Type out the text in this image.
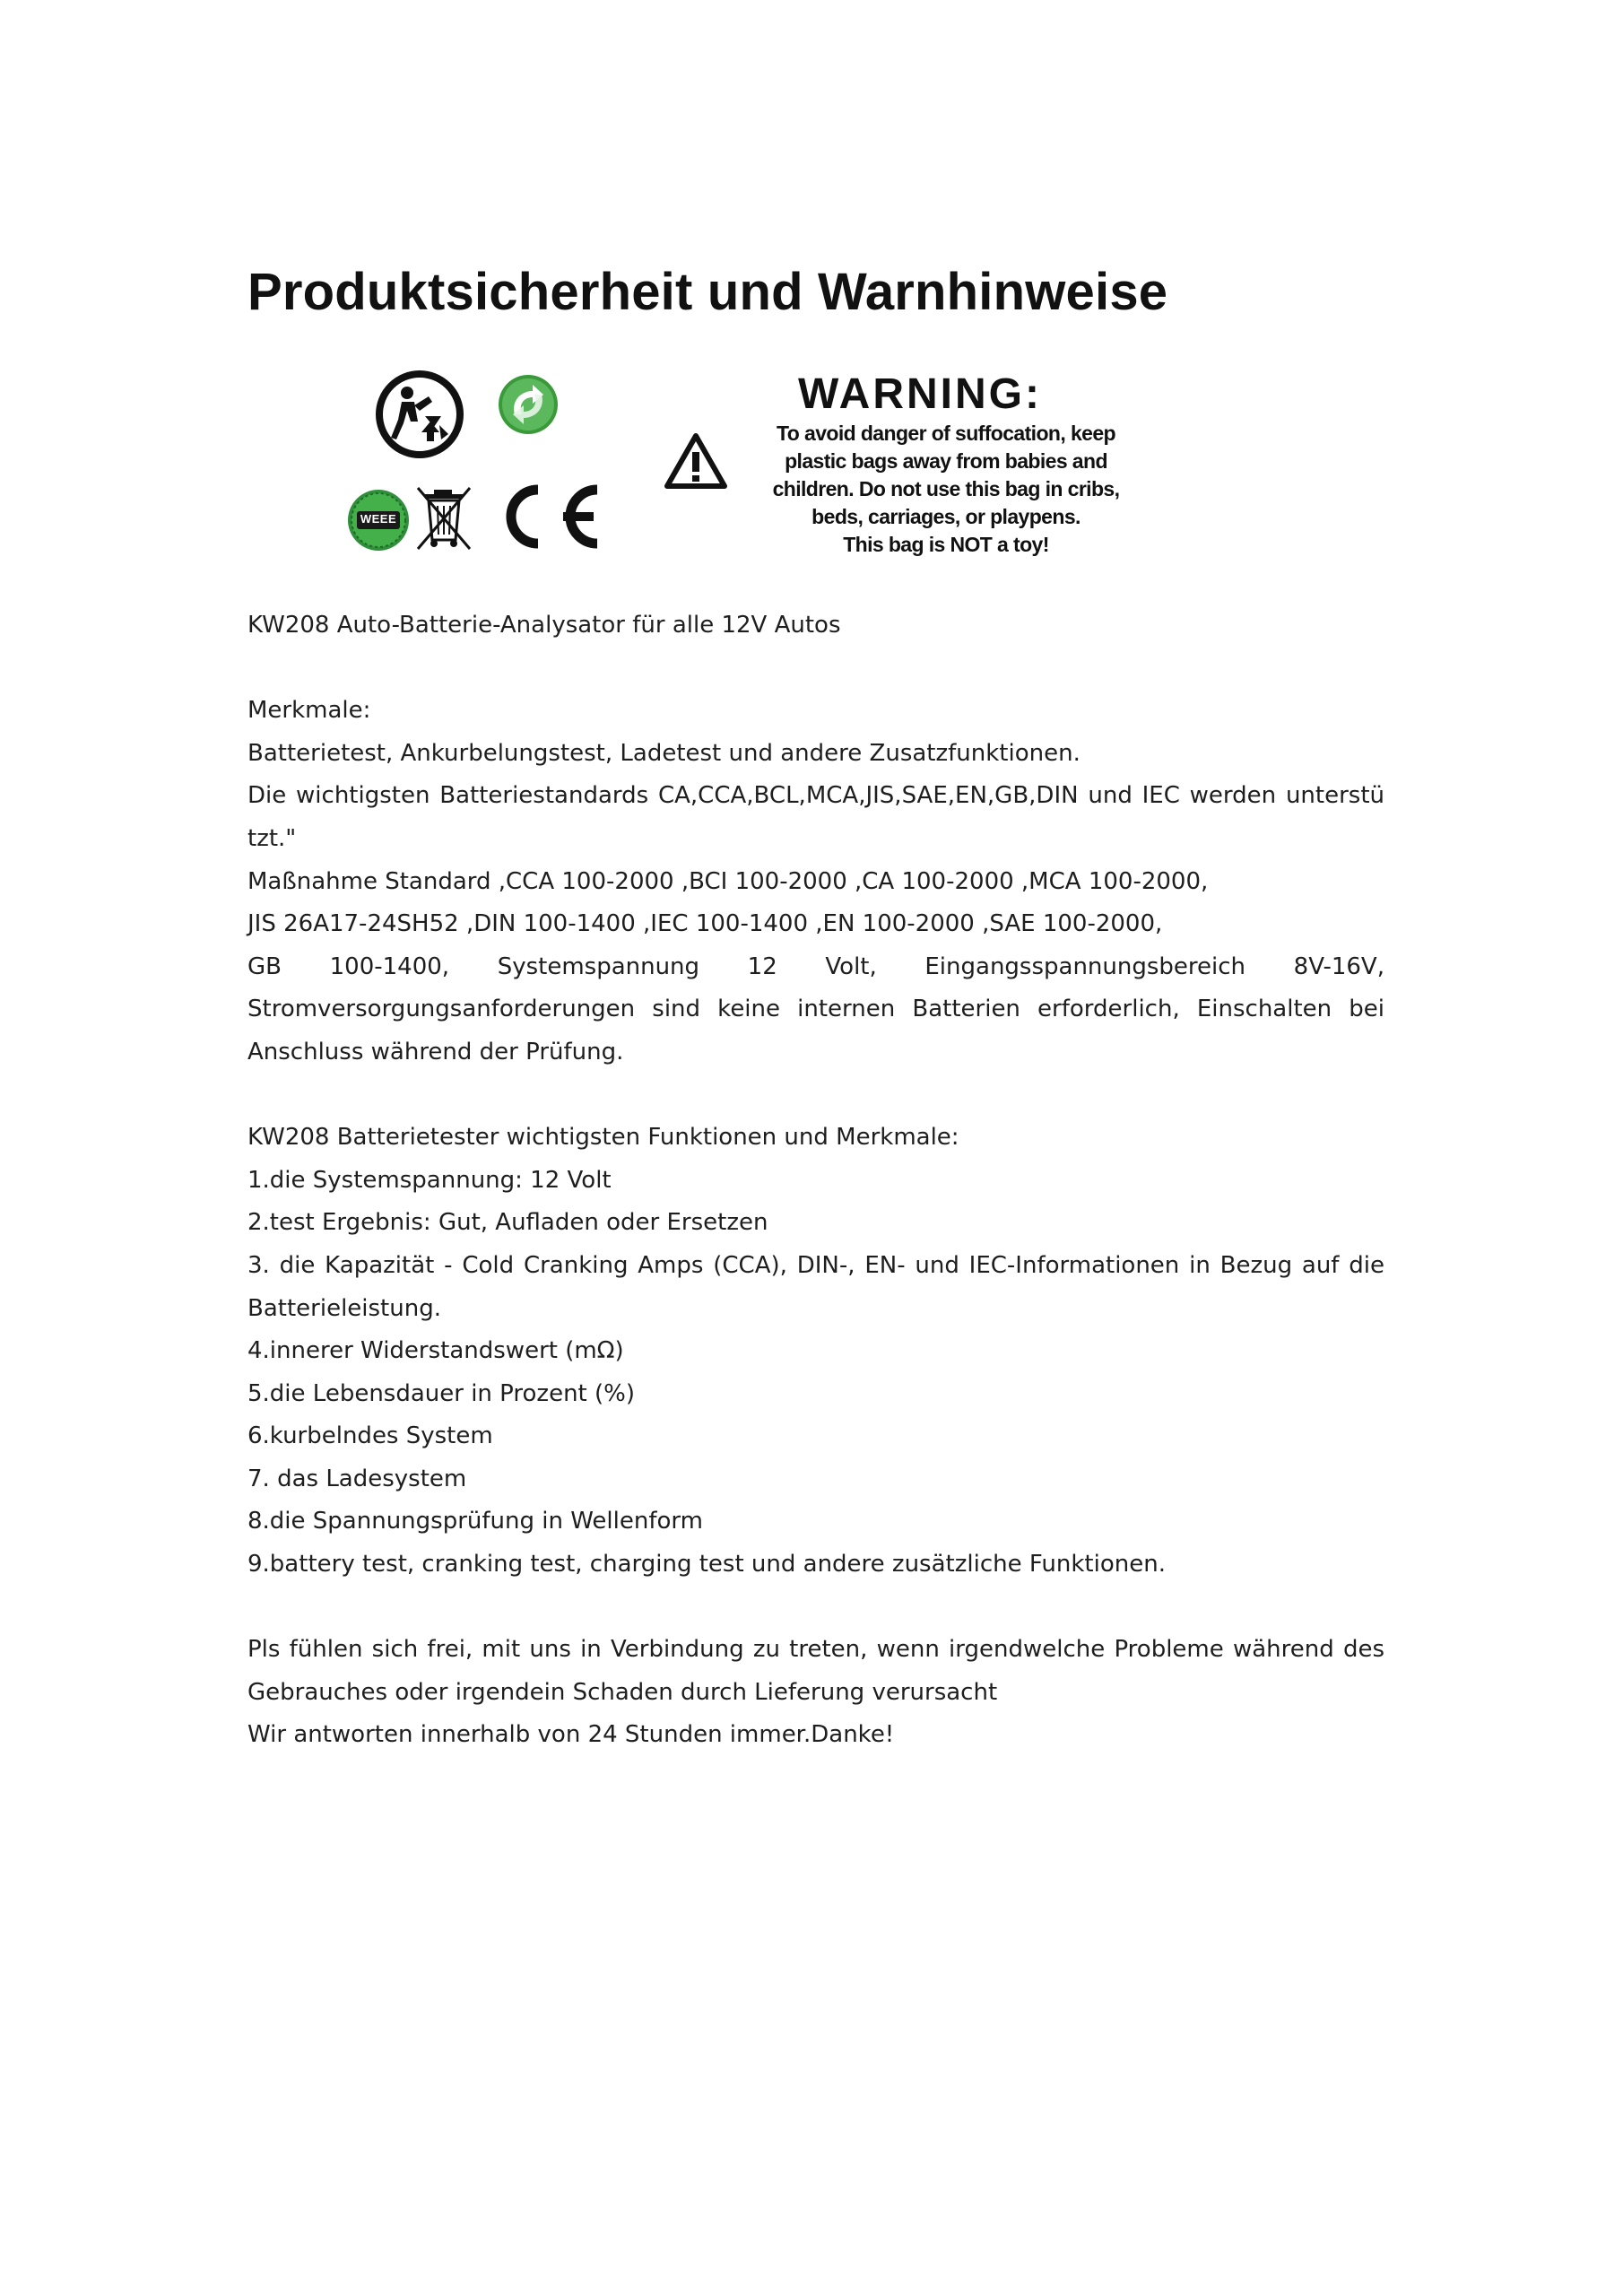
Produktsicherheit und Warnhinweise
WARNING:
To avoid danger of suffocation, keep
plastic bags away from babies and
children. Do not use this bag in cribs,
beds, carriages, or playpens.
This bag is NOT a toy!
KW208 Auto-Batterie-Analysator für alle 12V Autos
Merkmale:
Batterietest, Ankurbelungstest, Ladetest und andere Zusatzfunktionen.
Die wichtigsten Batteriestandards CA,CCA,BCL,MCA,JIS,SAE,EN,GB,DIN und IEC werden unterstü
tzt."
Maßnahme Standard ,CCA 100-2000 ,BCI 100-2000 ,CA 100-2000 ,MCA 100-2000,
JIS 26A17-24SH52 ,DIN 100-1400 ,IEC 100-1400 ,EN 100-2000 ,SAE 100-2000,
GB 100-1400, Systemspannung 12 Volt, Eingangsspannungsbereich 8V-16V,
Stromversorgungsanforderungen sind keine internen Batterien erforderlich, Einschalten bei
Anschluss während der Prüfung.
KW208 Batterietester wichtigsten Funktionen und Merkmale:
1.die Systemspannung: 12 Volt
2.test Ergebnis: Gut, Aufladen oder Ersetzen
3. die Kapazität - Cold Cranking Amps (CCA), DIN-, EN- und IEC-Informationen in Bezug auf die
Batterieleistung.
4.innerer Widerstandswert (mΩ)
5.die Lebensdauer in Prozent (%)
6.kurbelndes System
7. das Ladesystem
8.die Spannungsprüfung in Wellenform
9.battery test, cranking test, charging test und andere zusätzliche Funktionen.
Pls fühlen sich frei, mit uns in Verbindung zu treten, wenn irgendwelche Probleme während des
Gebrauches oder irgendein Schaden durch Lieferung verursacht
Wir antworten innerhalb von 24 Stunden immer.Danke!
WEEE
